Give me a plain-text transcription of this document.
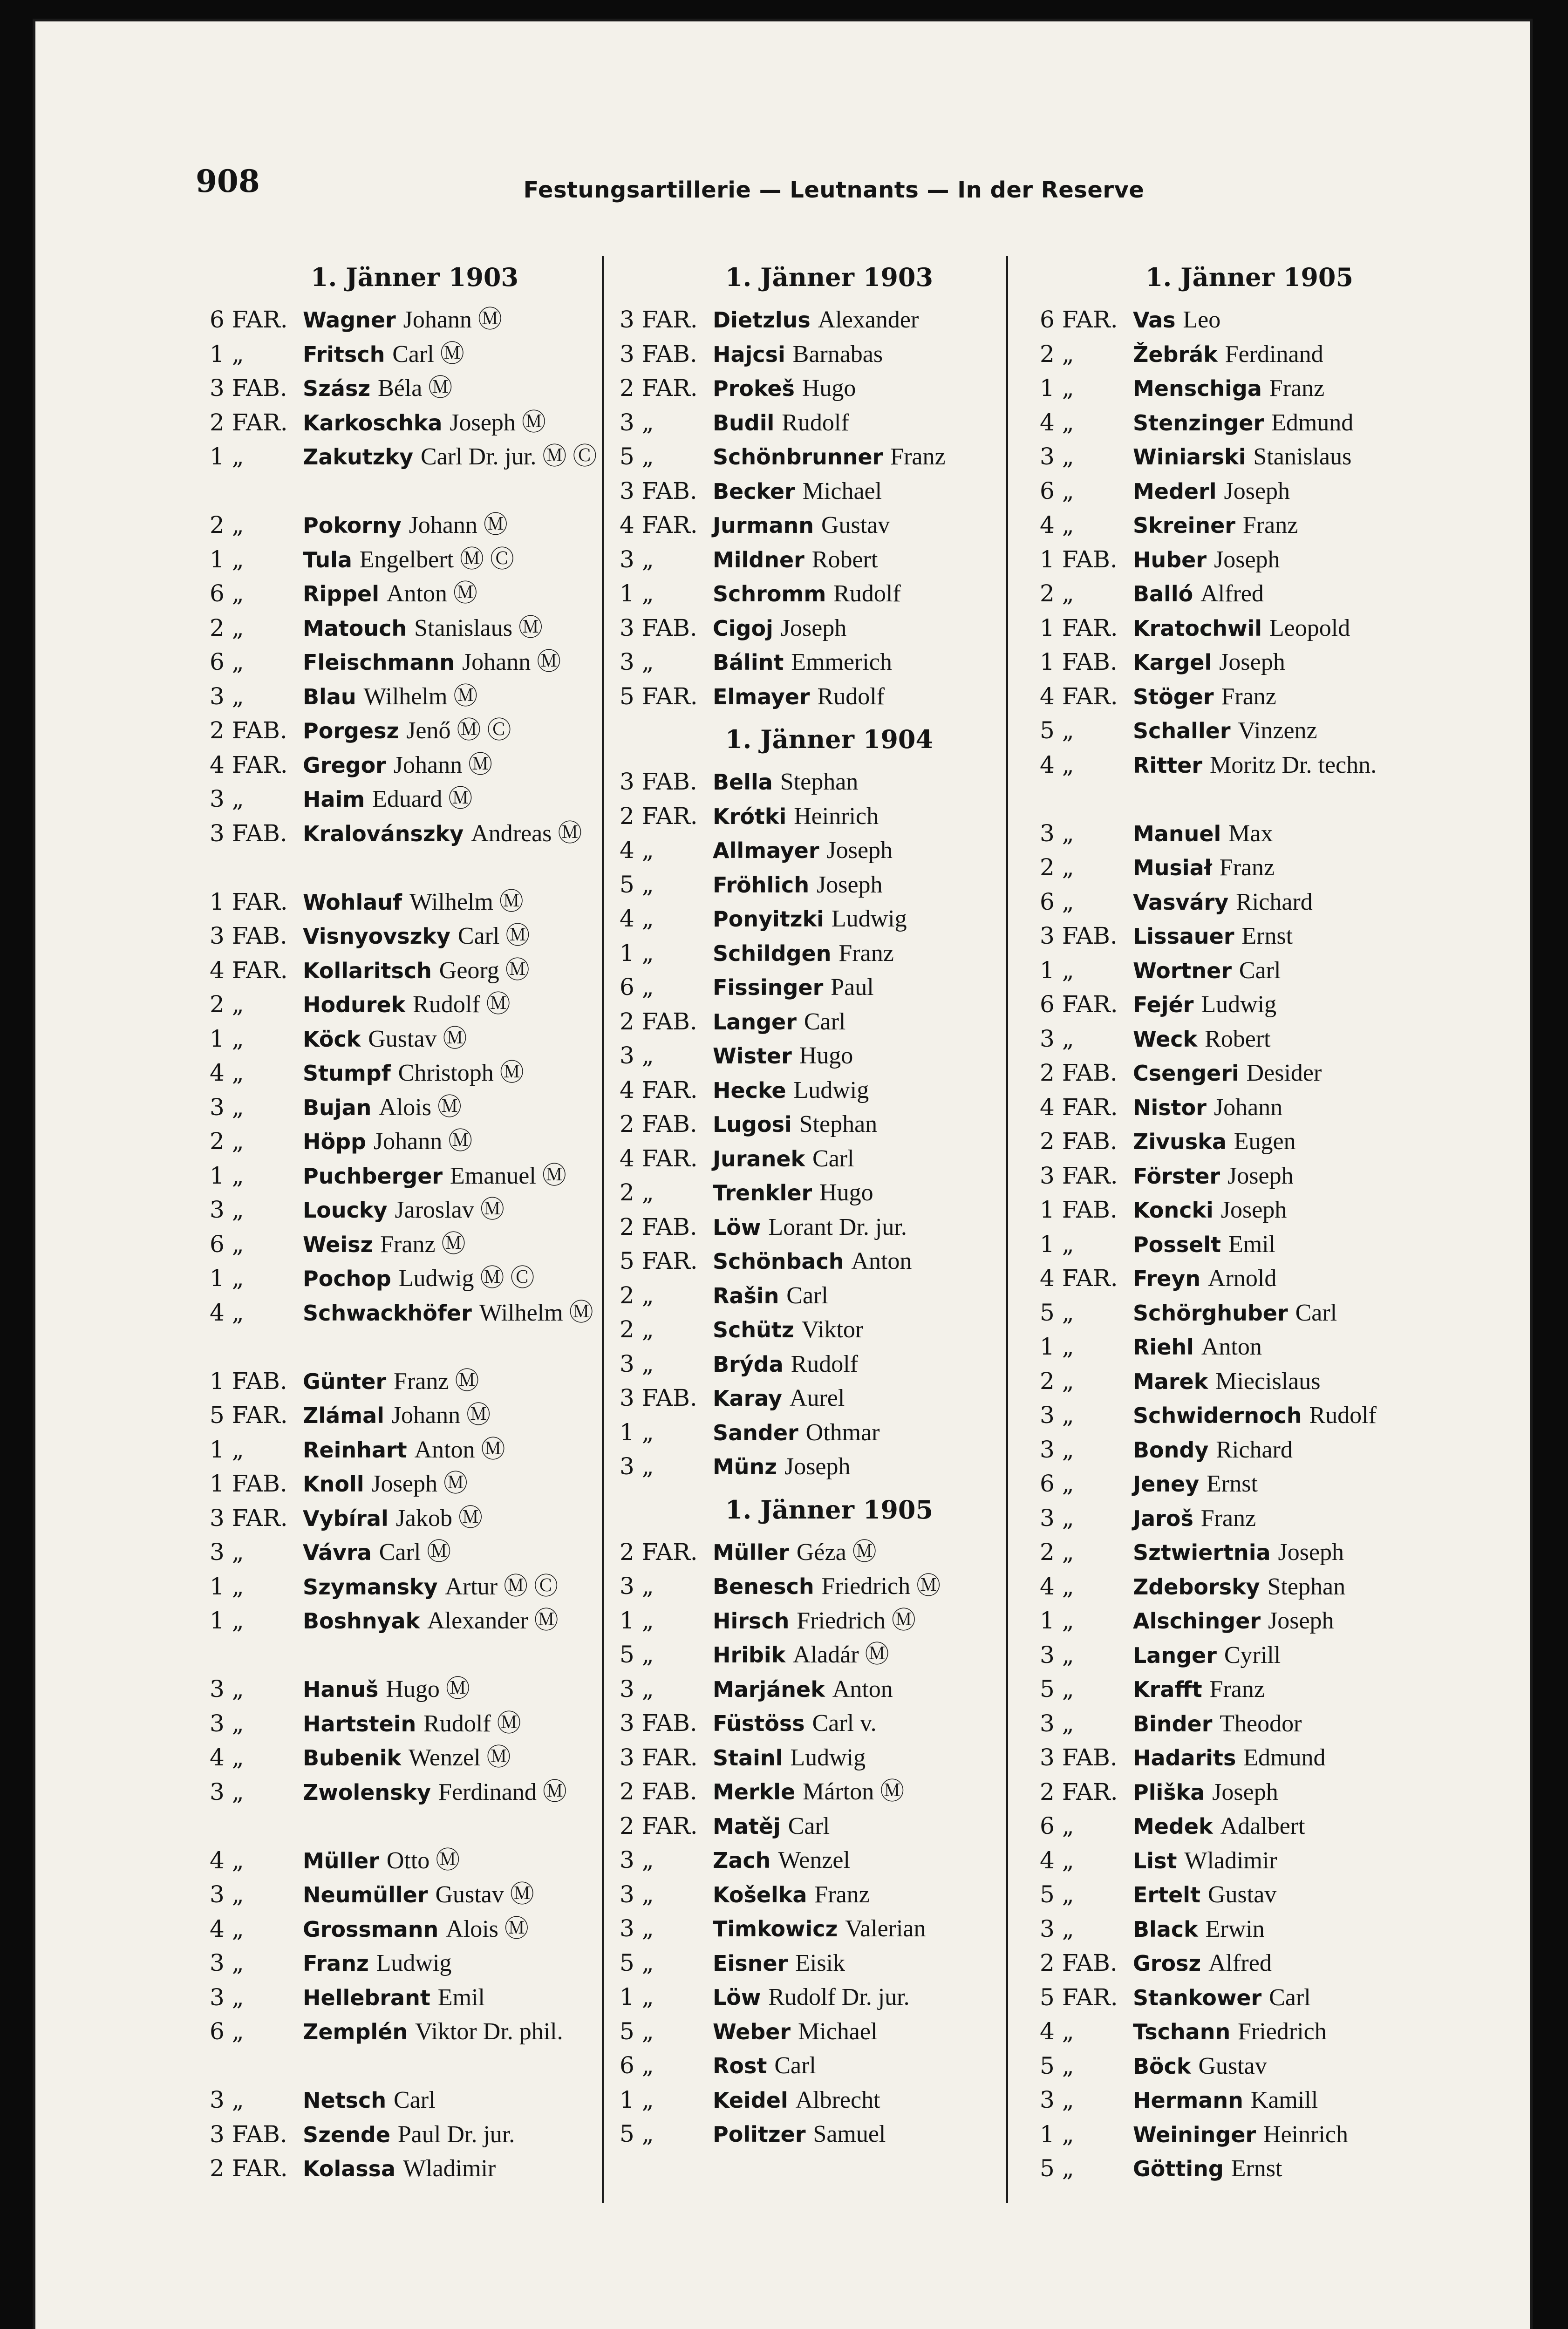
908	Festungsartillerie — Leutnants — In der Reserve
1. Jänner 1903
6 FAR. Wagner Johann Ⓜ
1 „	Fritsch Carl Ⓜ
3 FAB. Szász Béla Ⓜ
2 FAR. Karkoschka Joseph Ⓜ
1 „	Zakutzky Carl Dr. jur. Ⓜ Ⓒ
2 „	Pokorny Johann Ⓜ
1 „	Tula Engelbert Ⓜ Ⓒ
6 „	Rippel Anton Ⓜ
2 „	Matouch Stanislaus Ⓜ
6 „	Fleischmann Johann Ⓜ
3 „	Blau Wilhelm Ⓜ
2 FAB. Porgesz Jenő Ⓜ Ⓒ
4 FAR. Gregor Johann Ⓜ
3 „	Haim Eduard Ⓜ
3 FAB. Kralovánszky Andreas Ⓜ
1 FAR. Wohlauf Wilhelm Ⓜ
3 FAB. Visnyovszky Carl Ⓜ
4 FAR. Kollaritsch Georg Ⓜ
2 „	Hodurek Rudolf Ⓜ
1 „	Köck Gustav Ⓜ
4 „	Stumpf Christoph Ⓜ
3 „	Bujan Alois Ⓜ
2 „	Höpp Johann Ⓜ
1 „	Puchberger Emanuel Ⓜ
3 „	Loucky Jaroslav Ⓜ
6 „	Weisz Franz Ⓜ
1 „	Pochop Ludwig Ⓜ Ⓒ
4 „	Schwackhöfer Wilhelm Ⓜ
1 FAB. Günter Franz Ⓜ
5 FAR. Zlámal Johann Ⓜ
1 „	Reinhart Anton Ⓜ
1 FAB. Knoll Joseph Ⓜ
3 FAR. Vybíral Jakob Ⓜ
3 „	Vávra Carl Ⓜ
1 „	Szymansky Artur Ⓜ Ⓒ
1 „	Boshnyak Alexander Ⓜ
3 „	Hanuš Hugo Ⓜ
3 „	Hartstein Rudolf Ⓜ
4 „	Bubenik Wenzel Ⓜ
3 „	Zwolensky Ferdinand Ⓜ
4 „	Müller Otto Ⓜ
3 „	Neumüller Gustav Ⓜ
4 „	Grossmann Alois Ⓜ
3 „	Franz Ludwig
3 „	Hellebrant Emil
6 „	Zemplén Viktor Dr. phil.
3 „	Netsch Carl
3 FAB. Szende Paul Dr. jur.
2 FAR. Kolassa Wladimir
1. Jänner 1903
3 FAR. Dietzlus Alexander
3 FAB. Hajcsi Barnabas
2 FAR. Prokeš Hugo
3 „	Budil Rudolf
5 „	Schönbrunner Franz
3 FAB. Becker Michael
4 FAR. Jurmann Gustav
3 „	Mildner Robert
1 „	Schromm Rudolf
3 FAB. Cigoj Joseph
3 „	Bálint Emmerich
5 FAR. Elmayer Rudolf
1. Jänner 1904
3 FAB. Bella Stephan
2 FAR. Krótki Heinrich
4 „	Allmayer Joseph
5 „	Fröhlich Joseph
4 „	Ponyitzki Ludwig
1 „	Schildgen Franz
6 „	Fissinger Paul
2 FAB. Langer Carl
3 „	Wister Hugo
4 FAR. Hecke Ludwig
2 FAB. Lugosi Stephan
4 FAR. Juranek Carl
2 „	Trenkler Hugo
2 FAB. Löw Lorant Dr. jur.
5 FAR. Schönbach Anton
2 „	Rašin Carl
2 „	Schütz Viktor
3 „	Brýda Rudolf
3 FAB. Karay Aurel
1 „	Sander Othmar
3 „	Münz Joseph
1. Jänner 1905
2 FAR. Müller Géza Ⓜ
3 „	Benesch Friedrich Ⓜ
1 „	Hirsch Friedrich Ⓜ
5 „	Hribik Aladár Ⓜ
3 „	Marjánek Anton
3 FAB. Füstöss Carl v.
3 FAR. Stainl Ludwig
2 FAB. Merkle Márton Ⓜ
2 FAR. Matěj Carl
3 „	Zach Wenzel
3 „	Košelka Franz
3 „	Timkowicz Valerian
5 „	Eisner Eisik
1 „	Löw Rudolf Dr. jur.
5 „	Weber Michael
6 „	Rost Carl
1 „	Keidel Albrecht
5 „	Politzer Samuel
1. Jänner 1905
6 FAR. Vas Leo
2 „	Žebrák Ferdinand
1 „	Menschiga Franz
4 „	Stenzinger Edmund
3 „	Winiarski Stanislaus
6 „	Mederl Joseph
4 „	Skreiner Franz
1 FAB. Huber Joseph
2 „	Balló Alfred
1 FAR. Kratochwil Leopold
1 FAB. Kargel Joseph
4 FAR. Stöger Franz
5 „	Schaller Vinzenz
4 „	Ritter Moritz Dr. techn.
3 „	Manuel Max
2 „	Musiał Franz
6 „	Vasváry Richard
3 FAB. Lissauer Ernst
1 „	Wortner Carl
6 FAR. Fejér Ludwig
3 „	Weck Robert
2 FAB. Csengeri Desider
4 FAR. Nistor Johann
2 FAB. Zivuska Eugen
3 FAR. Förster Joseph
1 FAB. Koncki Joseph
1 „	Posselt Emil
4 FAR. Freyn Arnold
5 „	Schörghuber Carl
1 „	Riehl Anton
2 „	Marek Miecislaus
3 „	Schwidernoch Rudolf
3 „	Bondy Richard
6 „	Jeney Ernst
3 „	Jaroš Franz
2 „	Sztwiertnia Joseph
4 „	Zdeborsky Stephan
1 „	Alschinger Joseph
3 „	Langer Cyrill
5 „	Krafft Franz
3 „	Binder Theodor
3 FAB. Hadarits Edmund
2 FAR. Pliška Joseph
6 „	Medek Adalbert
4 „	List Wladimir
5 „	Ertelt Gustav
3 „	Black Erwin
2 FAB. Grosz Alfred
5 FAR. Stankower Carl
4 „	Tschann Friedrich
5 „	Böck Gustav
3 „	Hermann Kamill
1 „	Weininger Heinrich
5 „	Götting Ernst
